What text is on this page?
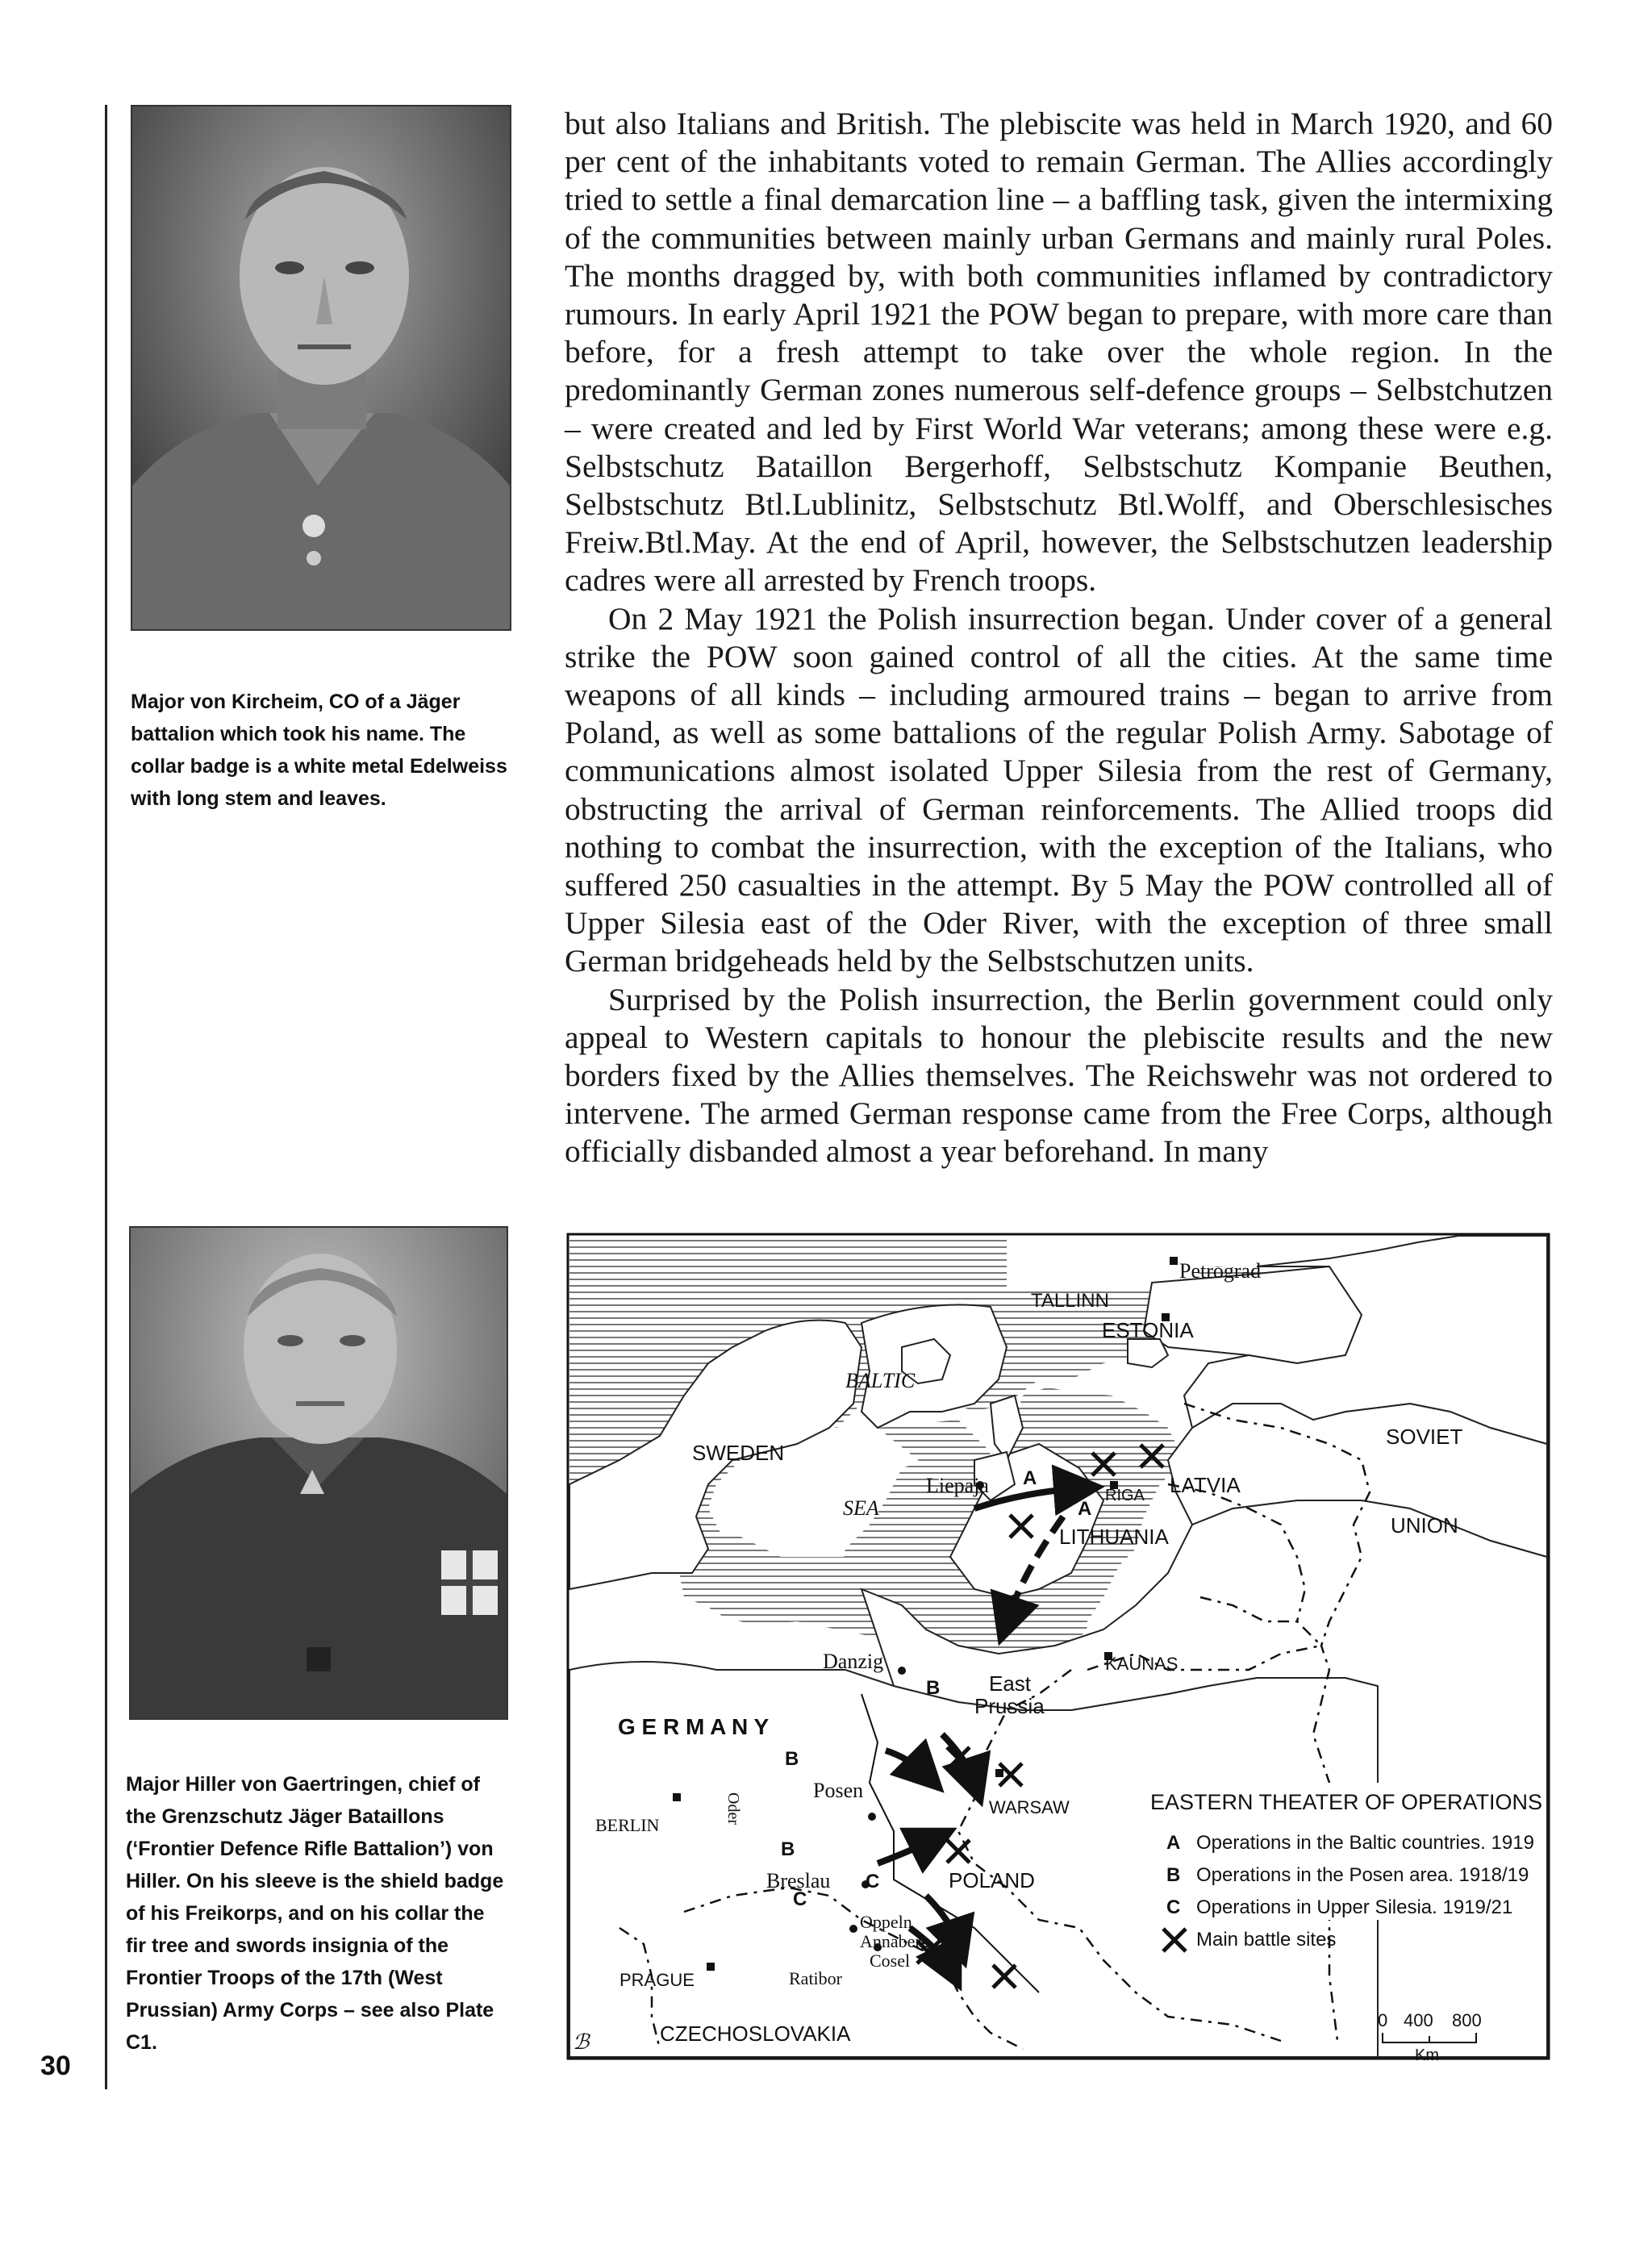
30
Major von Kircheim, CO of a Jäger battalion which took his name. The collar badge is a white metal Edelweiss with long stem and leaves.
Major Hiller von Gaertringen, chief of the Grenzschutz Jäger Bataillons (‘Frontier Defence Rifle Battalion’) von Hiller. On his sleeve is the shield badge of his Freikorps, and on his collar the fir tree and swords insignia of the Frontier Troops of the 17th (West Prussian) Army Corps – see also Plate C1.

but also Italians and British. The plebiscite was held in March 1920, and 60 per cent of the inhabitants voted to remain German. The Allies accordingly tried to settle a final demarcation line – a baffling task, given the intermixing of the communities between mainly urban Germans and mainly rural Poles. The months dragged by, with both communities inflamed by contradictory rumours. In early April 1921 the POW began to prepare, with more care than before, for a fresh attempt to take over the whole region. In the predominantly German zones numerous self-defence groups – Selbstchutzen – were created and led by First World War veterans; among these were e.g. Selbstschutz Bataillon Bergerhoff, Selbstschutz Kompanie Beuthen, Selbstschutz Btl.Lublinitz, Selbstschutz Btl.Wolff, and Oberschlesisches Freiw.Btl.May. At the end of April, however, the Selbstschutzen leadership cadres were all arrested by French troops.

On 2 May 1921 the Polish insurrection began. Under cover of a general strike the POW soon gained control of all the cities. At the same time weapons of all kinds – including armoured trains – began to arrive from Poland, as well as some battalions of the regular Polish Army. Sabotage of communications almost isolated Upper Silesia from the rest of Germany, obstructing the arrival of German reinforcements. The Allied troops did nothing to combat the insurrection, with the exception of the Italians, who suffered 250 casualties in the attempt. By 5 May the POW controlled all of Upper Silesia east of the Oder River, with the exception of three small German bridgeheads held by the Selbstschutzen units.

Surprised by the Polish insurrection, the Berlin government could only appeal to Western capitals to honour the plebiscite results and the new borders fixed by the Allies themselves. The Reichswehr was not ordered to intervene. The armed German response came from the Free Corps, although officially disbanded almost a year beforehand. In many

Petrograd
TALLINN
ESTONIA
BALTIC
SEA
SWEDEN
SOVIET
UNION
RIGA LATVIA
Liepaja
LITHUANIA
KAUNAS
Danzig
East
Prussia
G E R M A N Y
Posen
WARSAW
BERLIN
Oder
Breslau	POLAND
Oppeln
Annaberg
Cosel
Ratibor
PRAGUE
CZECHOSLOVAKIA
ℬ
A
A
B
B
B
C
C
EASTERN THEATER OF OPERATIONS
A Operations in the Baltic countries. 1919
B Operations in the Posen area. 1918/19
C Operations in Upper Silesia. 1919/21
Main battle sites
0 400 800
Km
